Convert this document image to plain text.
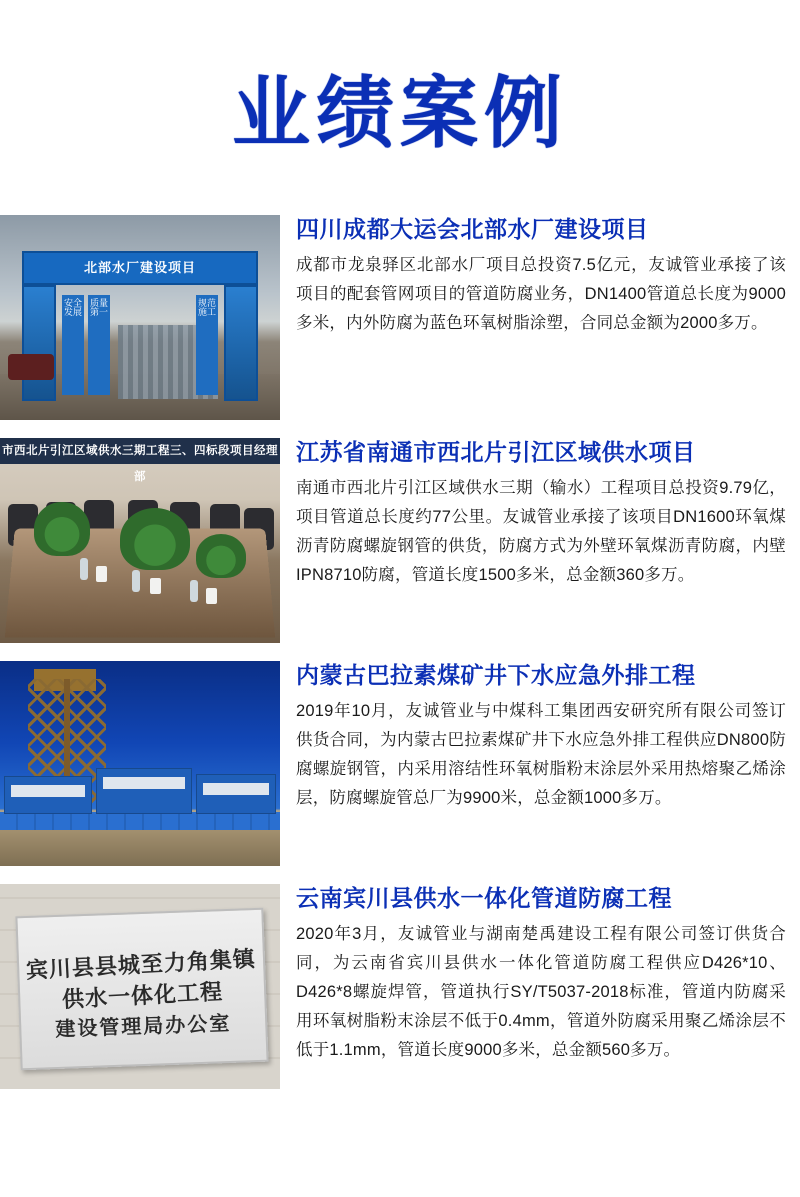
业绩案例
北部水厂建设项目
安全发展
质量第一
规范施工
四川成都大运会北部水厂建设项目

成都市龙泉驿区北部水厂项目总投资7.5亿元，友诚管业承接了该项目的配套管网项目的管道防腐业务，DN1400管道总长度为9000多米，内外防腐为蓝色环氧树脂涂塑，合同总金额为2000多万。

市西北片引江区域供水三期工程三、四标段项目经理部
江苏省南通市西北片引江区域供水项目

南通市西北片引江区域供水三期（输水）工程项目总投资9.79亿，项目管道总长度约77公里。友诚管业承接了该项目DN1600环氧煤沥青防腐螺旋钢管的供货，防腐方式为外壁环氧煤沥青防腐，内壁IPN8710防腐，管道长度1500多米，总金额360多万。

内蒙古巴拉素煤矿井下水应急外排工程

2019年10月，友诚管业与中煤科工集团西安研究所有限公司签订供货合同，为内蒙古巴拉素煤矿井下水应急外排工程供应DN800防腐螺旋钢管，内采用溶结性环氧树脂粉末涂层外采用热熔聚乙烯涂层，防腐螺旋管总厂为9900米，总金额1000多万。

宾川县县城至力角集镇供水一体化工程
建设管理局办公室
云南宾川县供水一体化管道防腐工程

2020年3月，友诚管业与湖南楚禹建设工程有限公司签订供货合同，为云南省宾川县供水一体化管道防腐工程供应D426*10、D426*8螺旋焊管，管道执行SY/T5037-2018标准，管道内防腐采用环氧树脂粉末涂层不低于0.4mm，管道外防腐采用聚乙烯涂层不低于1.1mm，管道长度9000多米，总金额560多万。
